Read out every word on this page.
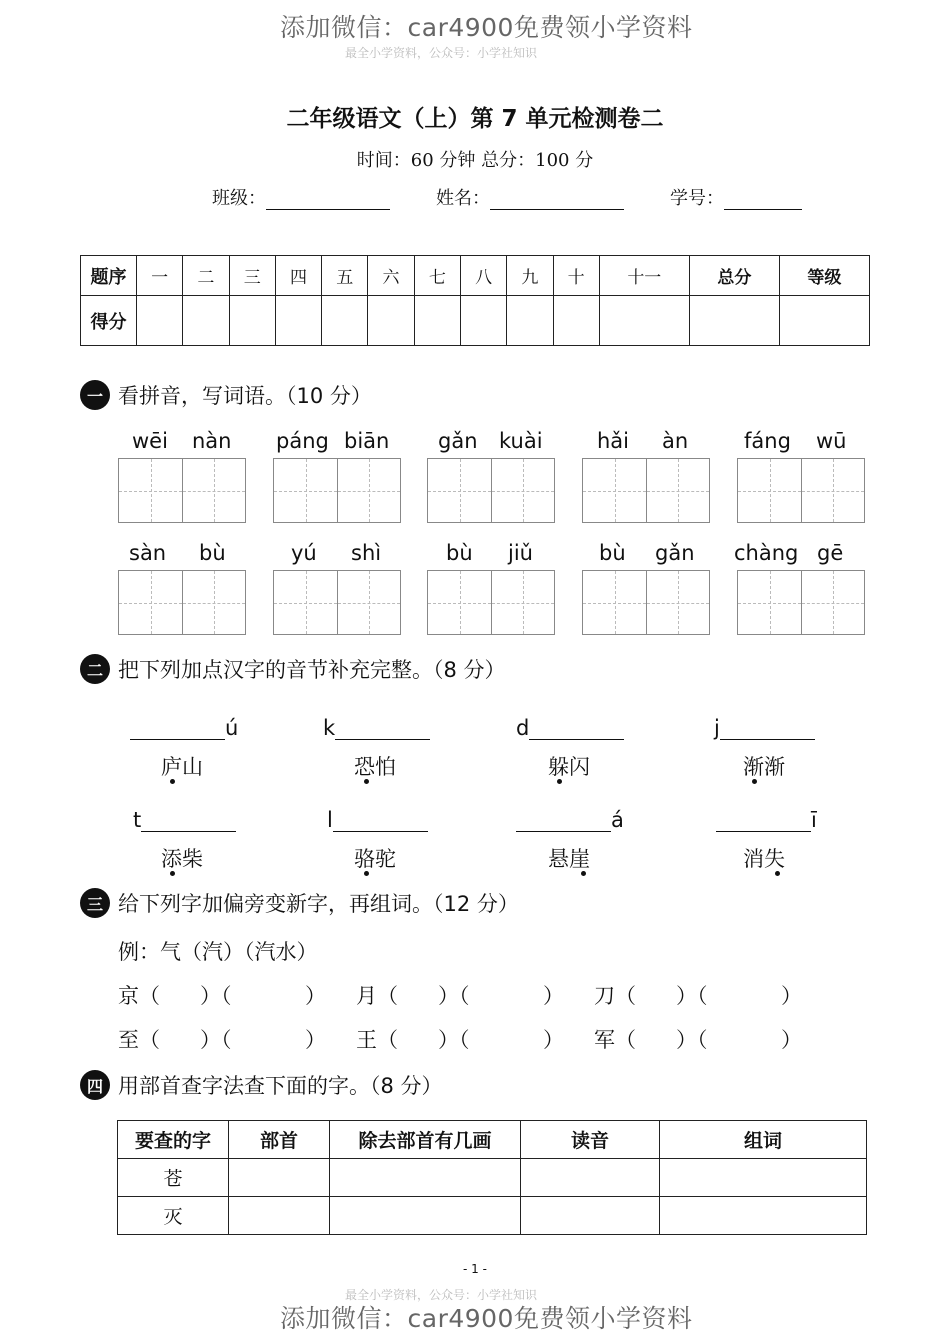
添加微信：car4900免费领小学资料
最全小学资料，公众号：小学社知识
二年级语文（上）第 7 单元检测卷二
时间：60 分钟 总分：100 分
班级：	姓名：	学号：
题序	一	二	三	四	五	六	七	八	九	十	十一	总分	等级
得分													
一 看拼音，写词语。（10 分）
wēi nàn páng biān gǎn kuài	hǎi àn	fáng wū
sàn bù	yú shì	bù jiǔ	bù gǎn chàng gē
二 把下列加点汉字的音节补充完整。（8 分）
ú	k	d	j
庐山	恐怕	躲闪	渐渐
t	l	á	ī
添柴	骆驼	悬崖	消失
三 给下列字加偏旁变新字，再组词。（12 分）
例：气（汽）（汽水）
京（      ）（           ） 月（      ）（           ） 刀（      ）（           ）
至（      ）（           ） 王（      ）（           ） 军（      ）（           ）
四 用部首查字法查下面的字。（8 分）
要查的字	部首	除去部首有几画	读音	组词
苍				
灭				
- 1 -
最全小学资料，公众号：小学社知识
添加微信：car4900免费领小学资料
